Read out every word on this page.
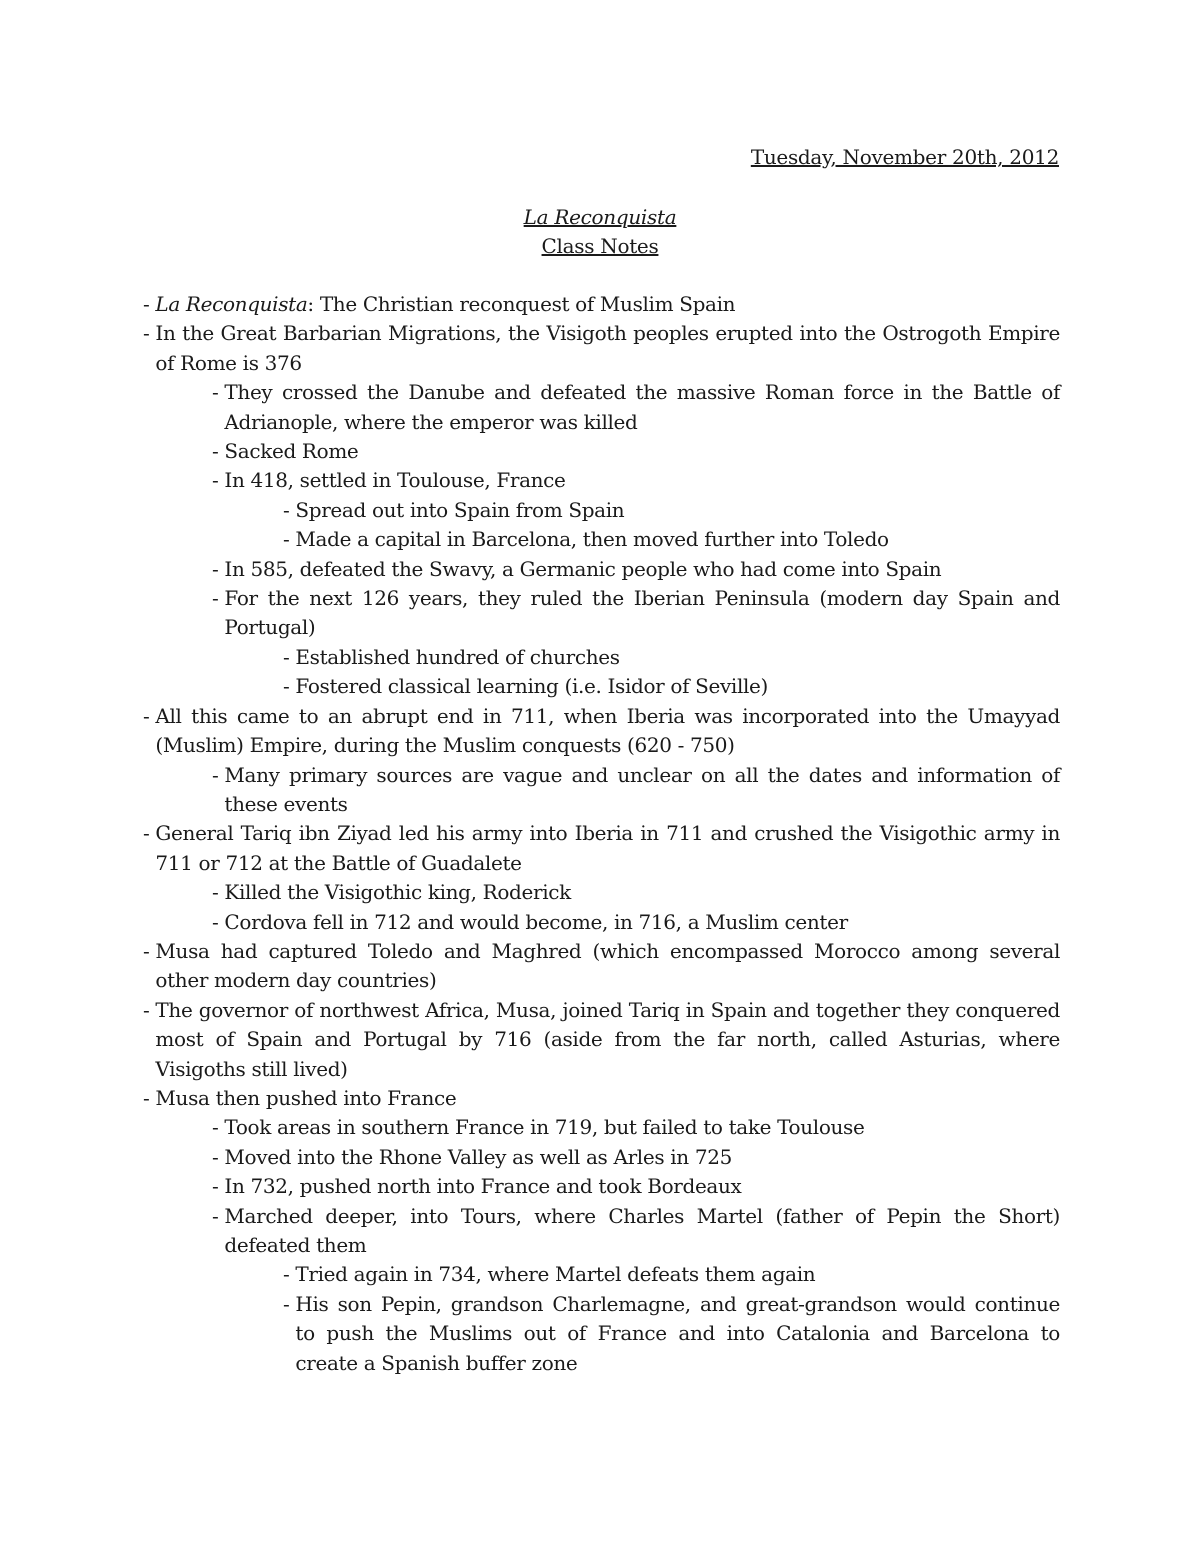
Tuesday, November 20th, 2012
La Reconquista
Class Notes
- La Reconquista: The Christian reconquest of Muslim Spain
- In the Great Barbarian Migrations, the Visigoth peoples erupted into the Ostrogoth Empire of Rome is 376
- They crossed the Danube and defeated the massive Roman force in the Battle of Adrianople, where the emperor was killed
- Sacked Rome
- In 418, settled in Toulouse, France
- Spread out into Spain from Spain
- Made a capital in Barcelona, then moved further into Toledo
- In 585, defeated the Swavy, a Germanic people who had come into Spain
- For the next 126 years, they ruled the Iberian Peninsula (modern day Spain and Portugal)
- Established hundred of churches
- Fostered classical learning (i.e. Isidor of Seville)
- All this came to an abrupt end in 711, when Iberia was incorporated into the Umayyad (Muslim) Empire, during the Muslim conquests (620 - 750)
- Many primary sources are vague and unclear on all the dates and information of these events
- General Tariq ibn Ziyad led his army into Iberia in 711 and crushed the Visigothic army in 711 or 712 at the Battle of Guadalete
- Killed the Visigothic king, Roderick
- Cordova fell in 712 and would become, in 716, a Muslim center
- Musa had captured Toledo and Maghred (which encompassed Morocco among several other modern day countries)
- The governor of northwest Africa, Musa, joined Tariq in Spain and together they conquered most of Spain and Portugal by 716 (aside from the far north, called Asturias, where Visigoths still lived)
- Musa then pushed into France
- Took areas in southern France in 719, but failed to take Toulouse
- Moved into the Rhone Valley as well as Arles in 725
- In 732, pushed north into France and took Bordeaux
- Marched deeper, into Tours, where Charles Martel (father of Pepin the Short) defeated them
- Tried again in 734, where Martel defeats them again
- His son Pepin, grandson Charlemagne, and great-grandson would continue to push the Muslims out of France and into Catalonia and Barcelona to create a Spanish buffer zone
